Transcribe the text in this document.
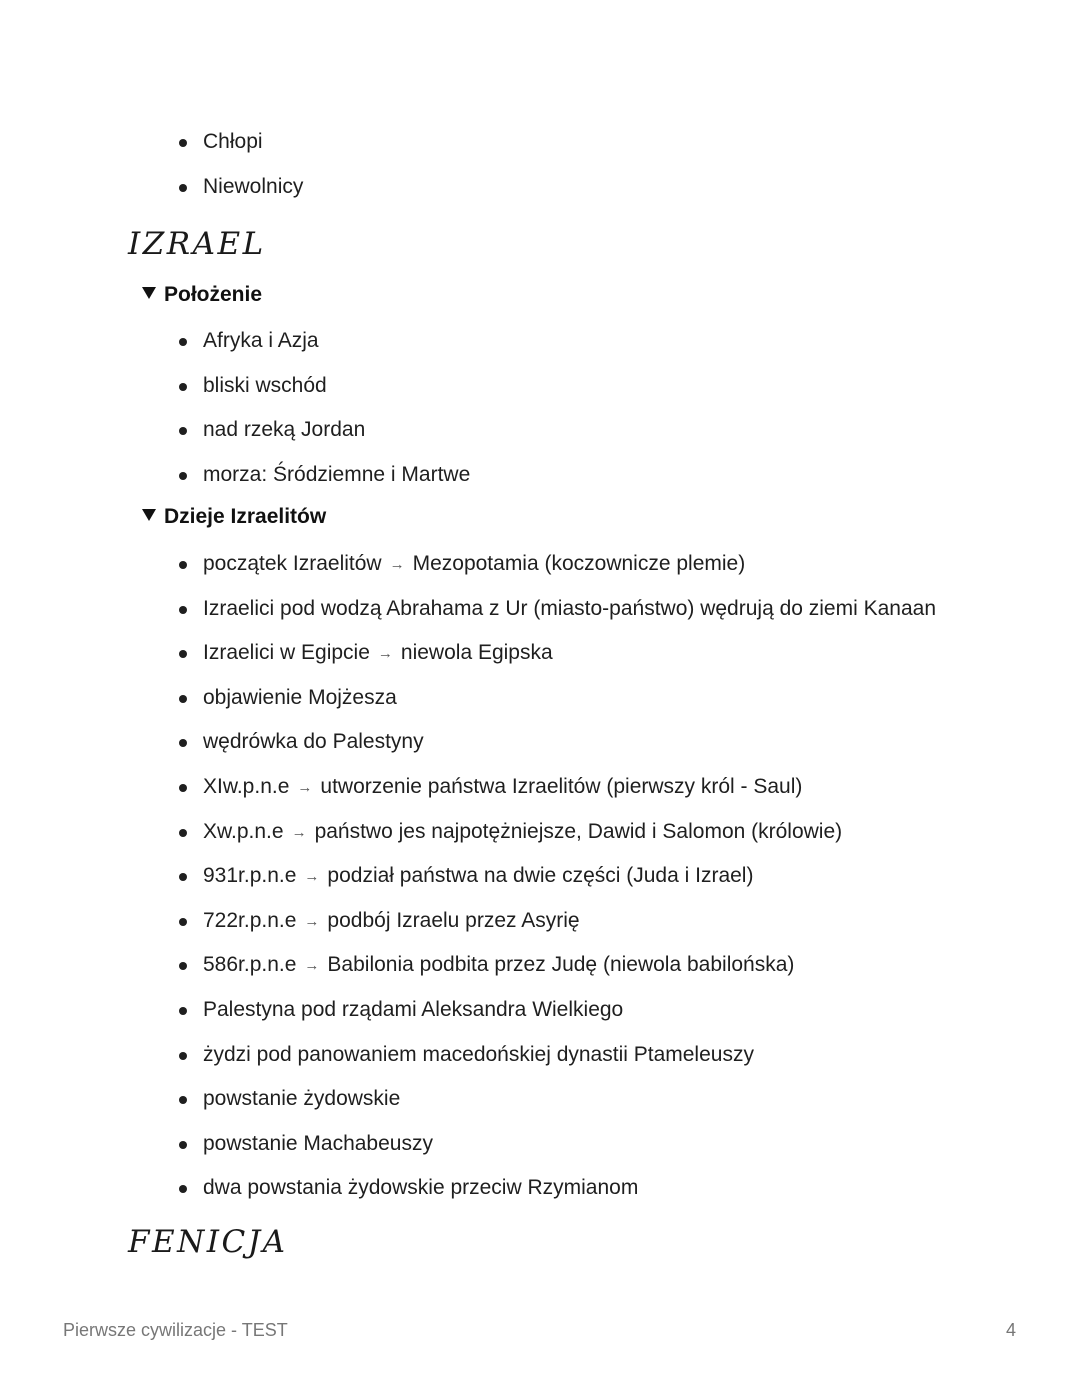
Chłopi
Niewolnicy
IZRAEL
Położenie
Afryka i Azja
bliski wschód
nad rzeką Jordan
morza: Śródziemne i Martwe
Dzieje Izraelitów
początek Izraelitów → Mezopotamia (koczownicze plemie)
Izraelici pod wodzą Abrahama z Ur (miasto-państwo) wędrują do ziemi Kanaan
Izraelici w Egipcie → niewola Egipska
objawienie Mojżesza
wędrówka do Palestyny
XIw.p.n.e → utworzenie państwa Izraelitów (pierwszy król - Saul)
Xw.p.n.e → państwo jes najpotężniejsze, Dawid i Salomon (królowie)
931r.p.n.e → podział państwa na dwie części (Juda i Izrael)
722r.p.n.e → podbój Izraelu przez Asyrię
586r.p.n.e → Babilonia podbita przez Judę (niewola babilońska)
Palestyna pod rządami Aleksandra Wielkiego
żydzi pod panowaniem macedońskiej dynastii Ptameleuszy
powstanie żydowskie
powstanie Machabeuszy
dwa powstania żydowskie przeciw Rzymianom
FENICJA
Pierwsze cywilizacje - TEST	4
